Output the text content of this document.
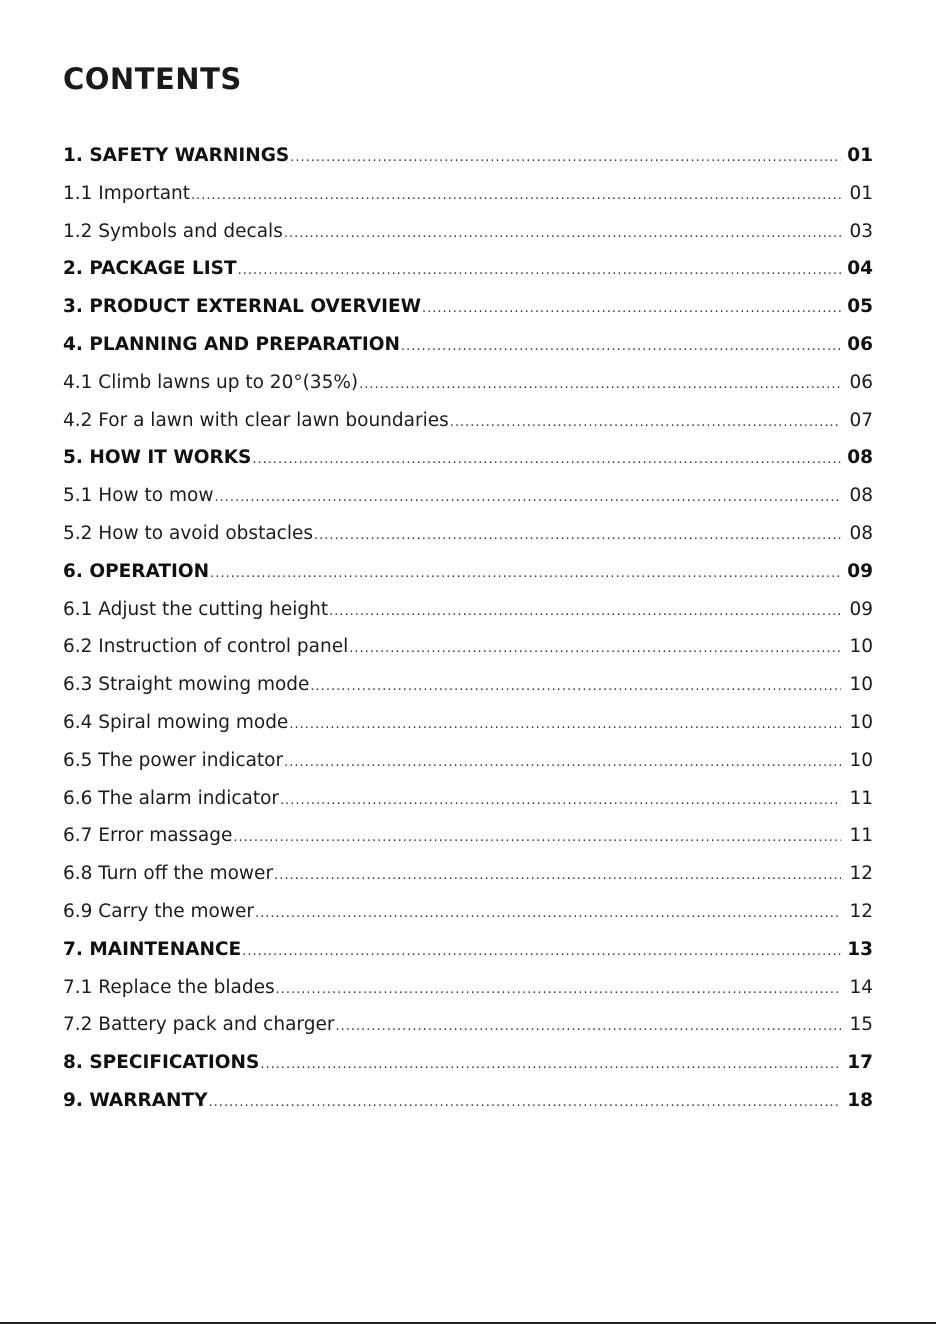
CONTENTS
1. SAFETY WARNINGS .....	01
1.1 Important .....	01
1.2 Symbols and decals .....	03
2. PACKAGE LIST .....	04
3. PRODUCT EXTERNAL OVERVIEW .....	05
4. PLANNING AND PREPARATION .....	06
4.1 Climb lawns up to 20°(35%) .....	06
4.2 For a lawn with clear lawn boundaries .....	07
5. HOW IT WORKS .....	08
5.1 How to mow .....	08
5.2 How to avoid obstacles .....	08
6. OPERATION .....	09
6.1 Adjust the cutting height .....	09
6.2 Instruction of control panel .....	10
6.3 Straight mowing mode .....	10
6.4 Spiral mowing mode .....	10
6.5 The power indicator .....	10
6.6 The alarm indicator .....	11
6.7 Error massage .....	11
6.8 Turn off the mower .....	12
6.9 Carry the mower .....	12
7. MAINTENANCE .....	13
7.1 Replace the blades .....	14
7.2 Battery pack and charger .....	15
8. SPECIFICATIONS .....	17
9. WARRANTY .....	18
